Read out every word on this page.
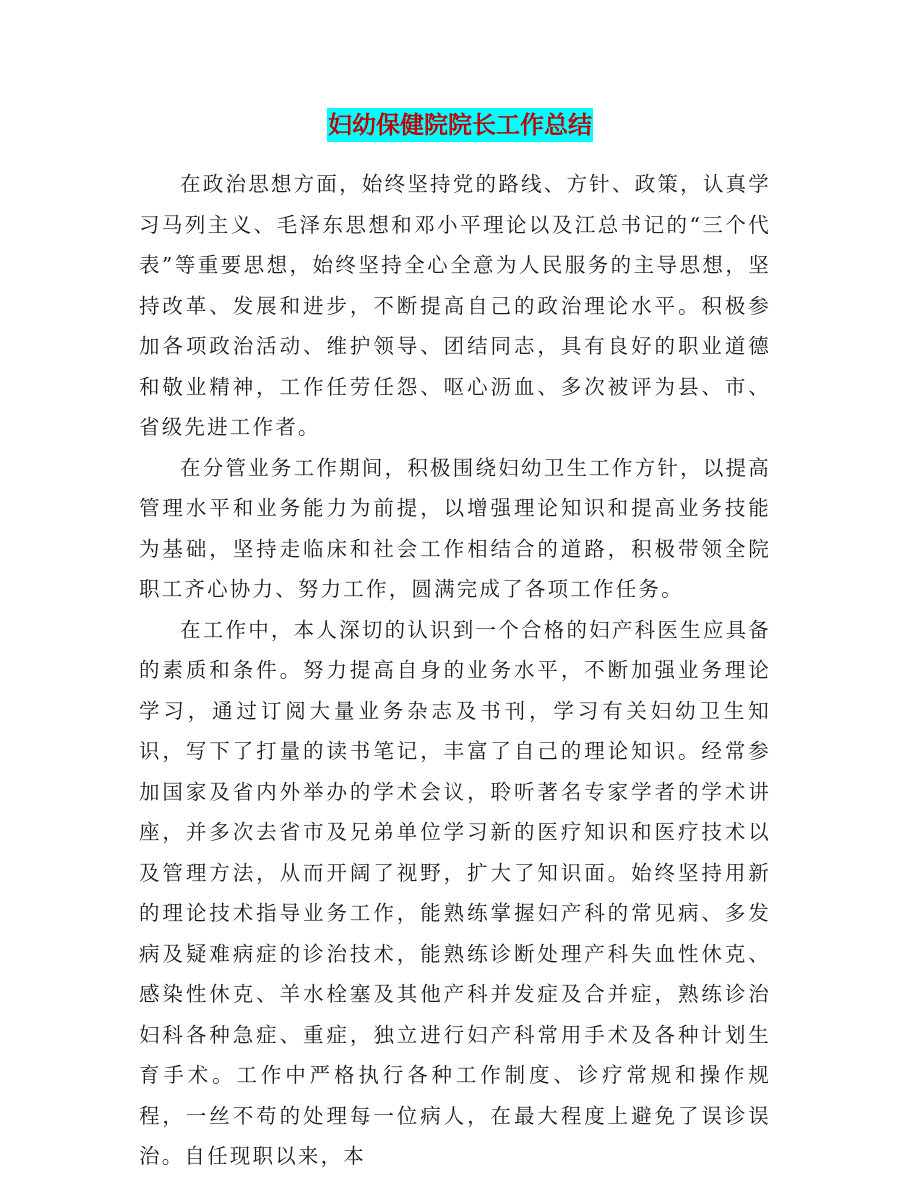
妇幼保健院院长工作总结

在政治思想方面，始终坚持党的路线、方针、政策，认真学习马列主义、毛泽东思想和邓小平理论以及江总书记的“三个代表”等重要思想，始终坚持全心全意为人民服务的主导思想，坚持改革、发展和进步，不断提高自己的政治理论水平。积极参加各项政治活动、维护领导、团结同志，具有良好的职业道德和敬业精神，工作任劳任怨、呕心沥血、多次被评为县、市、省级先进工作者。

在分管业务工作期间，积极围绕妇幼卫生工作方针，以提高管理水平和业务能力为前提，以增强理论知识和提高业务技能为基础，坚持走临床和社会工作相结合的道路，积极带领全院职工齐心协力、努力工作，圆满完成了各项工作任务。

在工作中，本人深切的认识到一个合格的妇产科医生应具备的素质和条件。努力提高自身的业务水平，不断加强业务理论学习，通过订阅大量业务杂志及书刊，学习有关妇幼卫生知识，写下了打量的读书笔记，丰富了自己的理论知识。经常参加国家及省内外举办的学术会议，聆听著名专家学者的学术讲座，并多次去省市及兄弟单位学习新的医疗知识和医疗技术以及管理方法，从而开阔了视野，扩大了知识面。始终坚持用新的理论技术指导业务工作，能熟练掌握妇产科的常见病、多发病及疑难病症的诊治技术，能熟练诊断处理产科失血性休克、感染性休克、羊水栓塞及其他产科并发症及合并症，熟练诊治妇科各种急症、重症，独立进行妇产科常用手术及各种计划生育手术。工作中严格执行各种工作制度、诊疗常规和操作规程，一丝不苟的处理每一位病人，在最大程度上避免了误诊误治。自任现职以来，本
